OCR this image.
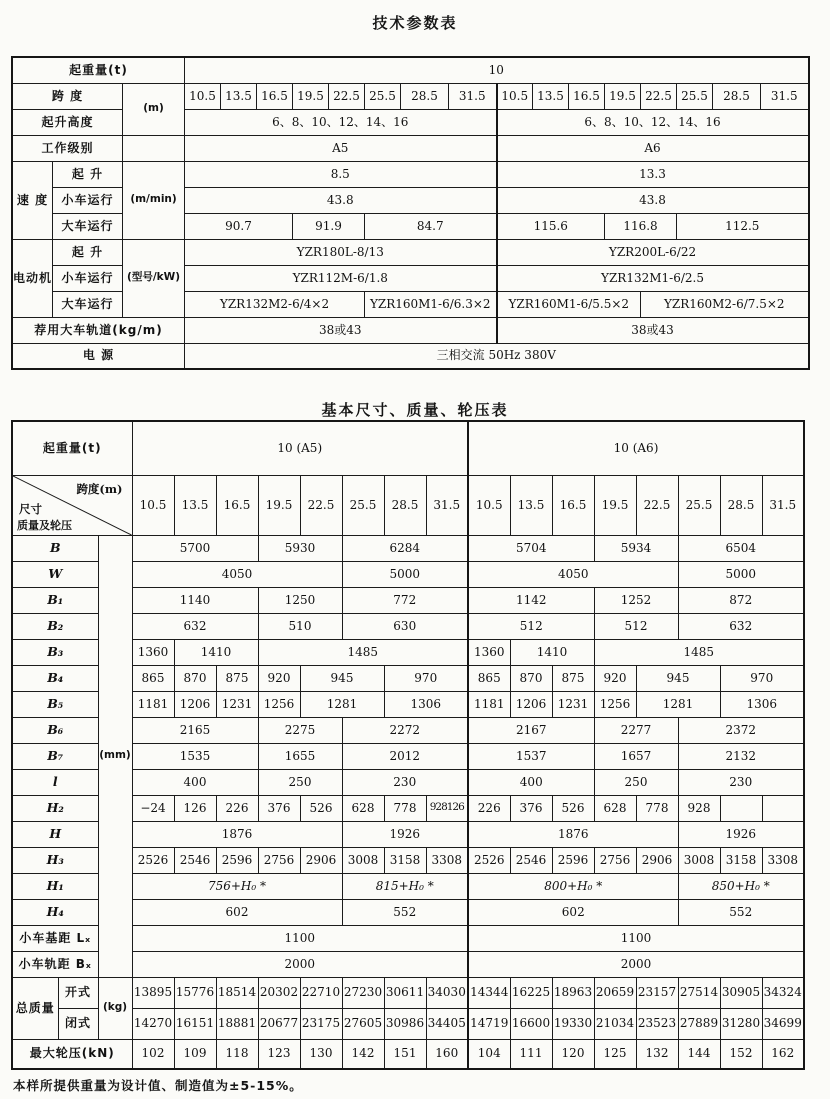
技术参数表
起重量(t)			10															
跨 度		(m)	10.5	13.5	16.5	19.5	22.5	25.5	28.5	31.5	10.5	13.5	16.5	19.5	22.5	25.5	28.5	31.5
起升高度			6、8、10、12、14、16								6、8、10、12、14、16							
工作级别			A5								A6							
速 度	起 升	(m/min)	8.5								13.3							
	小车运行		43.8								43.8							
	大车运行		90.7			91.9		84.7			115.6			116.8		112.5		
电动机	起 升	(型号/kW)	YZR180L-8/13								YZR200L-6/22							
	小车运行		YZR112M-6/1.8								YZR132M1-6/2.5							
	大车运行		YZR132M2-6/4×2					YZR160M1-6/6.3×2			YZR160M1-6/5.5×2				YZR160M2-6/7.5×2			
荐用大车轨道(kg/m)			38或43								38或43							
电 源			三相交流 50Hz 380V															
基本尺寸、质量、轮压表
起重量(t)			10 (A5)								10 (A6)							

跨度(m)
尺寸
质量及轮压			10.5	13.5	16.5	19.5	22.5	25.5	28.5	31.5	10.5	13.5	16.5	19.5	22.5	25.5	28.5	31.5
B		(mm)	5700			5930		6284			5704			5934		6504		
W			4050					5000			4050					5000		
B₁			1140			1250		772			1142			1252		872		
B₂			632			510		630			512			512		632		
B₃			1360	1410		1485					1360	1410		1485				
B₄			865	870	875	920	945		970		865	870	875	920	945		970	
B₅			1181	1206	1231	1256	1281		1306		1181	1206	1231	1256	1281		1306	
B₆			2165			2275		2272			2167			2277		2372		
B₇			1535			1655		2012			1537			1657		2132		
l			400			250		230			400			250		230		
H₂			−24	126	226	376	526	628	778	928126	226	376	526	628	778	928		
H			1876					1926			1876					1926		
H₃			2526	2546	2596	2756	2906	3008	3158	3308	2526	2546	2596	2756	2906	3008	3158	3308
H₁			756+H₀ *					815+H₀ *			800+H₀ *					850+H₀ *		
H₄			602					552			602					552		
小车基距 Lₓ			1100								1100							
小车轨距 Bₓ			2000								2000							
总质量	开式	(kg)	13895	15776	18514	20302	22710	27230	30611	34030	14344	16225	18963	20659	23157	27514	30905	34324
	闭式		14270	16151	18881	20677	23175	27605	30986	34405	14719	16600	19330	21034	23523	27889	31280	34699
最大轮压(kN)			102	109	118	123	130	142	151	160	104	111	120	125	132	144	152	162
本样所提供重量为设计值、制造值为±5-15%。
